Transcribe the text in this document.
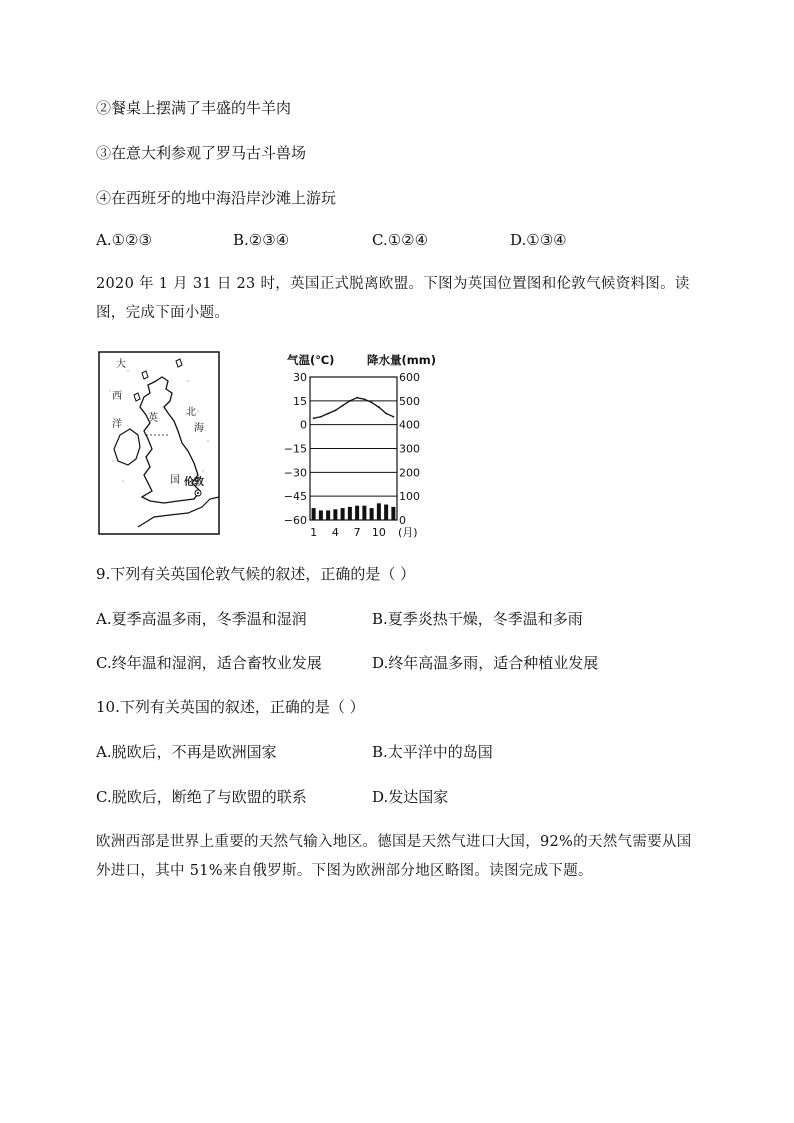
②餐桌上摆满了丰盛的牛羊肉
③在意大利参观了罗马古斗兽场
④在西班牙的地中海沿岸沙滩上游玩
A.①②③	B.②③④	C.①②④	D.①③④
2020 年 1 月 31 日 23 时，英国正式脱离欧盟。下图为英国位置图和伦敦气候资料图。读图，完成下面小题。
大
西
洋
北
海
英
国 伦敦
气温(℃)	降水量(mm)
30
15
0
−15
−30
−45
−60
600
500
400
300
200
100
0
1 4 7 10 (月)
9.下列有关英国伦敦气候的叙述，正确的是（ ）
A.夏季高温多雨，冬季温和湿润	B.夏季炎热干燥，冬季温和多雨
C.终年温和湿润，适合畜牧业发展	D.终年高温多雨，适合种植业发展
10.下列有关英国的叙述，正确的是（ ）
A.脱欧后，不再是欧洲国家	B.太平洋中的岛国
C.脱欧后，断绝了与欧盟的联系	D.发达国家
欧洲西部是世界上重要的天然气输入地区。德国是天然气进口大国，92%的天然气需要从国外进口，其中 51%来自俄罗斯。下图为欧洲部分地区略图。读图完成下题。
